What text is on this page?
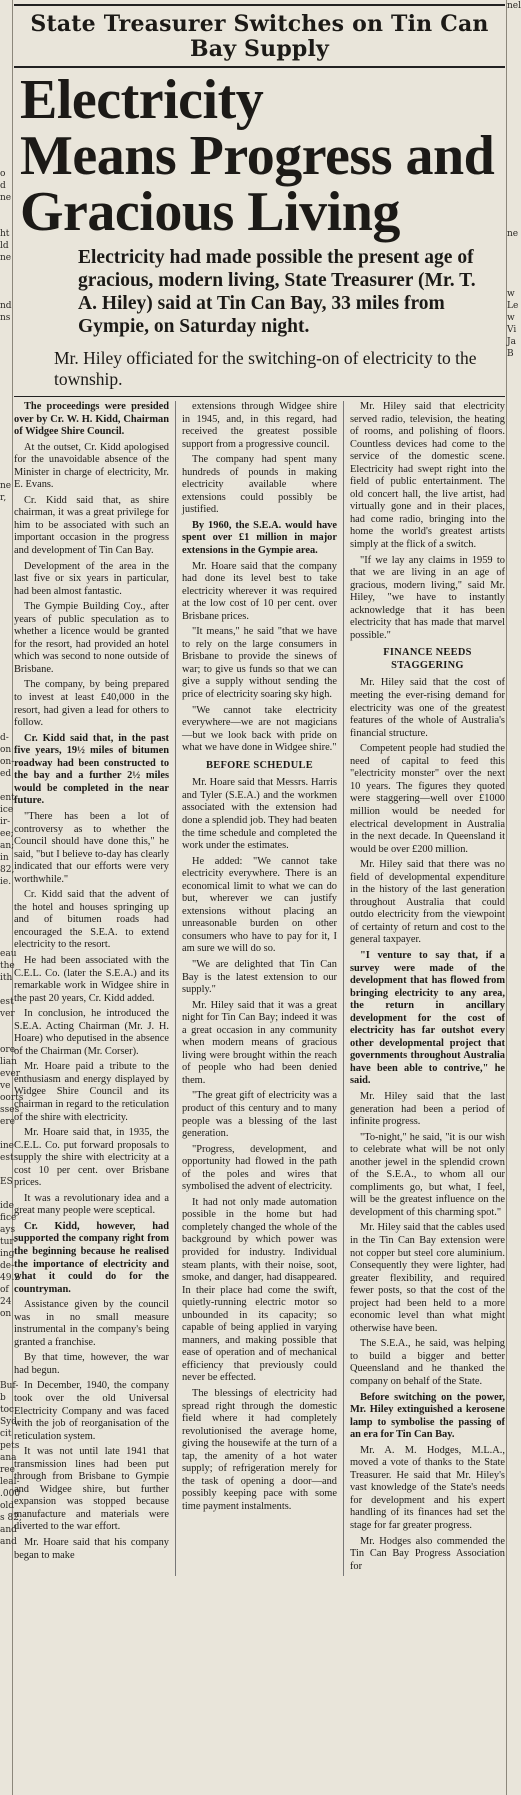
o
d
ne
ht
ld
ne
nd
ns
ne
r,
d-
on
on-
ed
ent
ice
ir-
ee;
an;
in
82,
ie.
eau
the
ith
est
ver
ore-
lian
ever
ve
oorts
sses
ere
ine
est
ES
ide
fice
ays
tur-
ing
de-
49.2
of
24
on
Buf-
b
toc
Syd-
cit
pets
ana
ree
leal-
.000
old
s 82,
and
and
nel
ne
w
Le
w
Vi
Ja
B
State Treasurer Switches on Tin Can Bay Supply
Electricity
Means Progress and
Gracious Living
Electricity had made possible the present age of gracious, modern living, State Treasurer (Mr. T. A. Hiley) said at Tin Can Bay, 33 miles from Gympie, on Saturday night.
Mr. Hiley officiated for the switching-on of electricity to the township.

The proceedings were presided over by Cr. W. H. Kidd, Chairman of Widgee Shire Council.

At the outset, Cr. Kidd apologised for the unavoidable absence of the Minister in charge of electricity, Mr. E. Evans.

Cr. Kidd said that, as shire chairman, it was a great privilege for him to be associated with such an important occasion in the progress and development of Tin Can Bay.

Development of the area in the last five or six years in particular, had been almost fantastic.

The Gympie Building Coy., after years of public speculation as to whether a licence would be granted for the resort, had provided an hotel which was second to none outside of Brisbane.

The company, by being prepared to invest at least £40,000 in the resort, had given a lead for others to follow.

Cr. Kidd said that, in the past five years, 19½ miles of bitumen roadway had been constructed to the bay and a further 2½ miles would be completed in the near future.

"There has been a lot of controversy as to whether the Council should have done this," he said, "but I believe to-day has clearly indicated that our efforts were very worthwhile."

Cr. Kidd said that the advent of the hotel and houses springing up and of bitumen roads had encouraged the S.E.A. to extend electricity to the resort.

He had been associated with the C.E.L. Co. (later the S.E.A.) and its remarkable work in Widgee shire in the past 20 years, Cr. Kidd added.

In conclusion, he introduced the S.E.A. Acting Chairman (Mr. J. H. Hoare) who deputised in the absence of the Chairman (Mr. Corser).

Mr. Hoare paid a tribute to the enthusiasm and energy displayed by Widgee Shire Council and its chairman in regard to the reticulation of the shire with electricity.

Mr. Hoare said that, in 1935, the C.E.L. Co. put forward proposals to supply the shire with electricity at a cost 10 per cent. over Brisbane prices.

It was a revolutionary idea and a great many people were sceptical.

Cr. Kidd, however, had supported the company right from the beginning because he realised the importance of electricity and what it could do for the countryman.

Assistance given by the council was in no small measure instrumental in the company's being granted a franchise.

By that time, however, the war had begun.

In December, 1940, the company took over the old Universal Electricity Company and was faced with the job of reorganisation of the reticulation system.

It was not until late 1941 that transmission lines had been put through from Brisbane to Gympie and Widgee shire, but further expansion was stopped because manufacture and materials were diverted to the war effort.

Mr. Hoare said that his company began to make

extensions through Widgee shire in 1945, and, in this regard, had received the greatest possible support from a progressive council.

The company had spent many hundreds of pounds in making electricity available where extensions could possibly be justified.

By 1960, the S.E.A. would have spent over £1 million in major extensions in the Gympie area.

Mr. Hoare said that the company had done its level best to take electricity wherever it was required at the low cost of 10 per cent. over Brisbane prices.

"It means," he said "that we have to rely on the large consumers in Brisbane to provide the sinews of war; to give us funds so that we can give a supply without sending the price of electricity soaring sky high.

"We cannot take electricity everywhere—we are not magicians—but we look back with pride on what we have done in Widgee shire."

BEFORE SCHEDULE

Mr. Hoare said that Messrs. Harris and Tyler (S.E.A.) and the workmen associated with the extension had done a splendid job. They had beaten the time schedule and completed the work under the estimates.

He added: "We cannot take electricity everywhere. There is an economical limit to what we can do but, wherever we can justify extensions without placing an unreasonable burden on other consumers who have to pay for it, I am sure we will do so.

"We are delighted that Tin Can Bay is the latest extension to our supply."

Mr. Hiley said that it was a great night for Tin Can Bay; indeed it was a great occasion in any community when modern means of gracious living were brought within the reach of people who had been denied them.

"The great gift of electricity was a product of this century and to many people was a blessing of the last generation.

"Progress, development, and opportunity had flowed in the path of the poles and wires that symbolised the advent of electricity.

It had not only made automation possible in the home but had completely changed the whole of the background by which power was provided for industry. Individual steam plants, with their noise, soot, smoke, and danger, had disappeared. In their place had come the swift, quietly-running electric motor so unbounded in its capacity; so capable of being applied in varying manners, and making possible that ease of operation and of mechanical efficiency that previously could never be effected.

The blessings of electricity had spread right through the domestic field where it had completely revolutionised the average home, giving the housewife at the turn of a tap, the amenity of a hot water supply; of refrigeration merely for the task of opening a door—and possibly keeping pace with some time payment instalments.

Mr. Hiley said that electricity served radio, television, the heating of rooms, and polishing of floors. Countless devices had come to the service of the domestic scene. Electricity had swept right into the field of public entertainment. The old concert hall, the live artist, had virtually gone and in their places, had come radio, bringing into the home the world's greatest artists simply at the flick of a switch.

"If we lay any claims in 1959 to that we are living in an age of gracious, modern living," said Mr. Hiley, "we have to instantly acknowledge that it has been electricity that has made that marvel possible."

FINANCE NEEDS STAGGERING

Mr. Hiley said that the cost of meeting the ever-rising demand for electricity was one of the greatest features of the whole of Australia's financial structure.

Competent people had studied the need of capital to feed this "electricity monster" over the next 10 years. The figures they quoted were staggering—well over £1000 million would be needed for electrical development in Australia in the next decade. In Queensland it would be over £200 million.

Mr. Hiley said that there was no field of developmental expenditure in the history of the last generation throughout Australia that could outdo electricity from the viewpoint of certainty of return and cost to the general taxpayer.

"I venture to say that, if a survey were made of the development that has flowed from bringing electricity to any area, the return in ancillary development for the cost of electricity has far outshot every other developmental project that governments throughout Australia have been able to contrive," he said.

Mr. Hiley said that the last generation had been a period of infinite progress.

"To-night," he said, "it is our wish to celebrate what will be not only another jewel in the splendid crown of the S.E.A., to whom all our compliments go, but what, I feel, will be the greatest influence on the development of this charming spot."

Mr. Hiley said that the cables used in the Tin Can Bay extension were not copper but steel core aluminium. Consequently they were lighter, had greater flexibility, and required fewer posts, so that the cost of the project had been held to a more economic level than what might otherwise have been.

The S.E.A., he said, was helping to build a bigger and better Queensland and he thanked the company on behalf of the State.

Before switching on the power, Mr. Hiley extinguished a kerosene lamp to symbolise the passing of an era for Tin Can Bay.

Mr. A. M. Hodges, M.L.A., moved a vote of thanks to the State Treasurer. He said that Mr. Hiley's vast knowledge of the State's needs for development and his expert handling of its finances had set the stage for far greater progress.

Mr. Hodges also commended the Tin Can Bay Progress Association for
